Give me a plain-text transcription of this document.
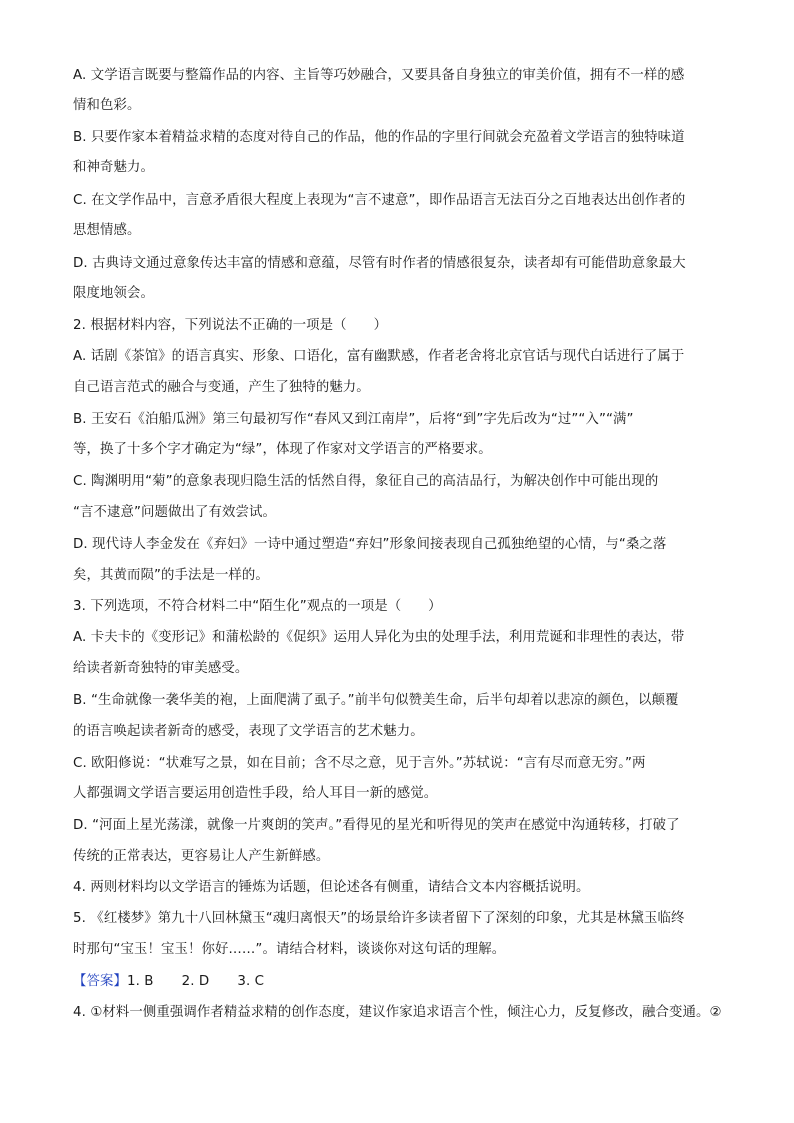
A. 文学语言既要与整篇作品的内容、主旨等巧妙融合，又要具备自身独立的审美价值，拥有不一样的感
情和色彩。
B. 只要作家本着精益求精的态度对待自己的作品，他的作品的字里行间就会充盈着文学语言的独特味道
和神奇魅力。
C. 在文学作品中，言意矛盾很大程度上表现为“言不逮意”，即作品语言无法百分之百地表达出创作者的
思想情感。
D. 古典诗文通过意象传达丰富的情感和意蕴，尽管有时作者的情感很复杂，读者却有可能借助意象最大
限度地领会。
2. 根据材料内容，下列说法不正确的一项是（　　）
A. 话剧《茶馆》的语言真实、形象、口语化，富有幽默感，作者老舍将北京官话与现代白话进行了属于
自己语言范式的融合与变通，产生了独特的魅力。
B. 王安石《泊船瓜洲》第三句最初写作“春风又到江南岸”，后将“到”字先后改为“过”“入”“满”
等，换了十多个字才确定为“绿”，体现了作家对文学语言的严格要求。
C. 陶渊明用“菊”的意象表现归隐生活的恬然自得，象征自己的高洁品行，为解决创作中可能出现的
“言不逮意”问题做出了有效尝试。
D. 现代诗人李金发在《弃妇》一诗中通过塑造“弃妇”形象间接表现自己孤独绝望的心情，与“桑之落
矣，其黄而陨”的手法是一样的。
3. 下列选项，不符合材料二中“陌生化”观点的一项是（　　）
A. 卡夫卡的《变形记》和蒲松龄的《促织》运用人异化为虫的处理手法，利用荒诞和非理性的表达，带
给读者新奇独特的审美感受。
B. “生命就像一袭华美的袍，上面爬满了虱子。”前半句似赞美生命，后半句却着以悲凉的颜色，以颠覆
的语言唤起读者新奇的感受，表现了文学语言的艺术魅力。
C. 欧阳修说：“状难写之景，如在目前；含不尽之意，见于言外。”苏轼说：“言有尽而意无穷。”两
人都强调文学语言要运用创造性手段，给人耳目一新的感觉。
D. “河面上星光荡漾，就像一片爽朗的笑声。”看得见的星光和听得见的笑声在感觉中沟通转移，打破了
传统的正常表达，更容易让人产生新鲜感。
4. 两则材料均以文学语言的锤炼为话题，但论述各有侧重，请结合文本内容概括说明。
5. 《红楼梦》第九十八回林黛玉“魂归离恨天”的场景给许多读者留下了深刻的印象，尤其是林黛玉临终
时那句“宝玉！宝玉！你好……”。请结合材料，谈谈你对这句话的理解。
【答案】1. B 2. D 3. C
4. ①材料一侧重强调作者精益求精的创作态度，建议作家追求语言个性，倾注心力，反复修改，融合变通。②
